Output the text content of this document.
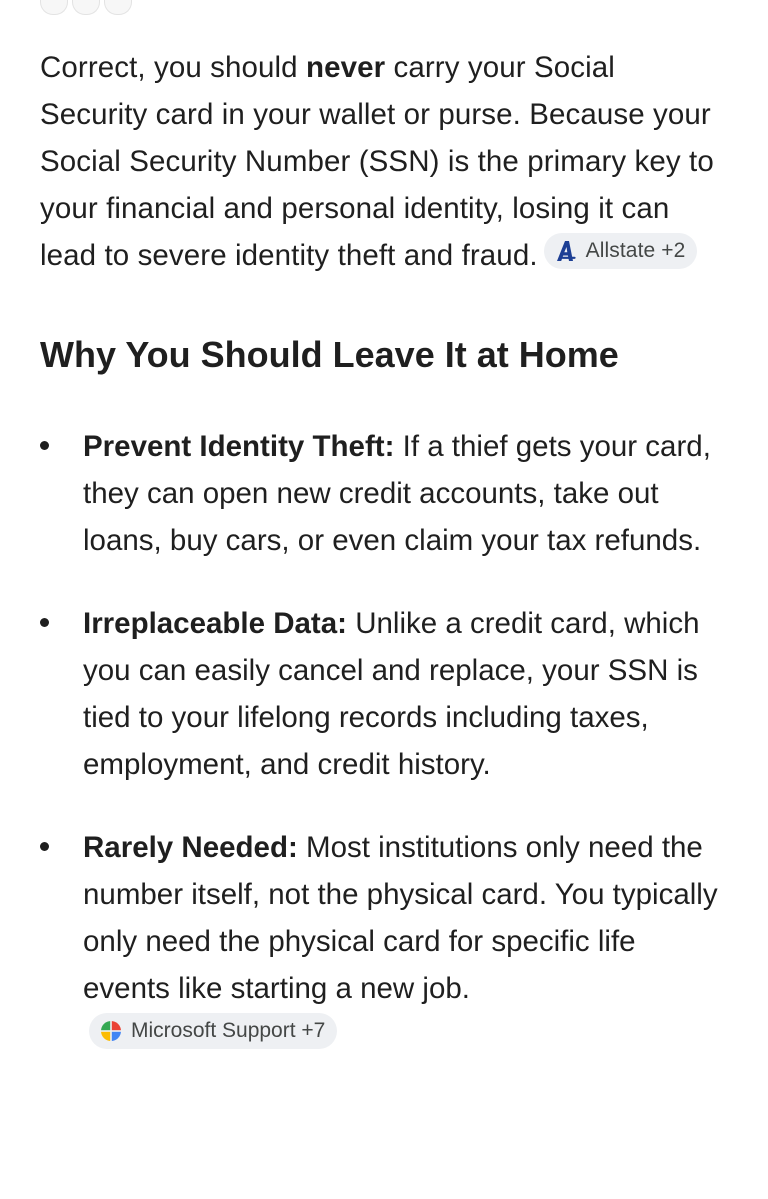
Correct, you should never carry your Social Security card in your wallet or purse. Because your Social Security Number (SSN) is the primary key to your financial and personal identity, losing it can lead to severe identity theft and fraud. Allstate +2

Why You Should Leave It at Home
Prevent Identity Theft: If a thief gets your card, they can open new credit accounts, take out loans, buy cars, or even claim your tax refunds.
Irreplaceable Data: Unlike a credit card, which you can easily cancel and replace, your SSN is tied to your lifelong records including taxes, employment, and credit history.
Rarely Needed: Most institutions only need the number itself, not the physical card. You typically only need the physical card for specific life events like starting a new job.
Microsoft Support +7
